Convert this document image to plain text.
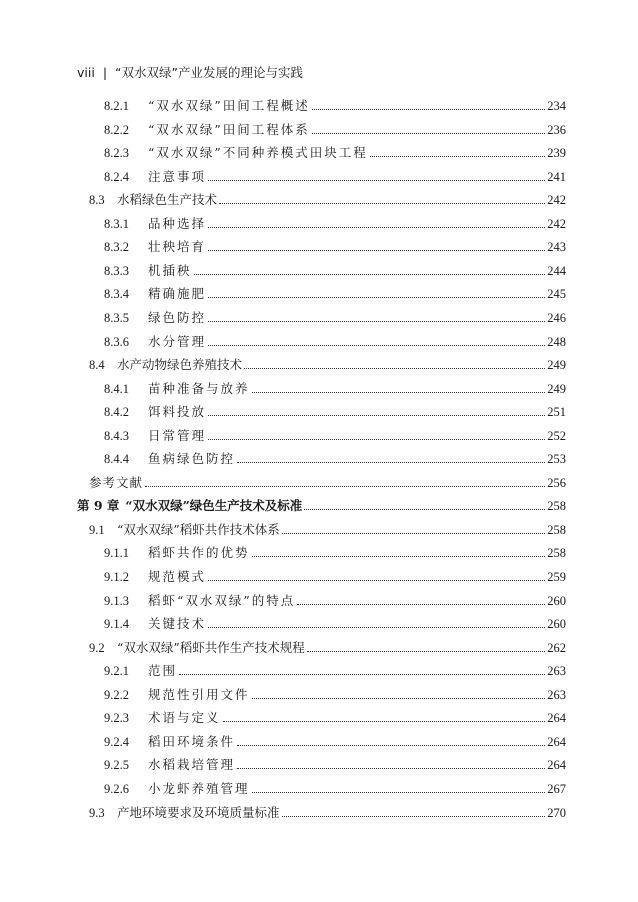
viii | “双水双绿”产业发展的理论与实践
8.2.1	“双水双绿”田间工程概述	234
8.2.2	“双水双绿”田间工程体系	236
8.2.3	“双水双绿”不同种养模式田块工程	239
8.2.4	注意事项	241
8.3 水稻绿色生产技术	242
8.3.1	品种选择	242
8.3.2	壮秧培育	243
8.3.3	机插秧	244
8.3.4	精确施肥	245
8.3.5	绿色防控	246
8.3.6	水分管理	248
8.4 水产动物绿色养殖技术	249
8.4.1	苗种准备与放养	249
8.4.2	饵料投放	251
8.4.3	日常管理	252
8.4.4	鱼病绿色防控	253
参考文献	256
第 9 章 “双水双绿”绿色生产技术及标准	258
9.1 “双水双绿”稻虾共作技术体系	258
9.1.1	稻虾共作的优势	258
9.1.2	规范模式	259
9.1.3	稻虾“双水双绿”的特点	260
9.1.4	关键技术	260
9.2 “双水双绿”稻虾共作生产技术规程	262
9.2.1	范围	263
9.2.2	规范性引用文件	263
9.2.3	术语与定义	264
9.2.4	稻田环境条件	264
9.2.5	水稻栽培管理	264
9.2.6	小龙虾养殖管理	267
9.3 产地环境要求及环境质量标准	270
